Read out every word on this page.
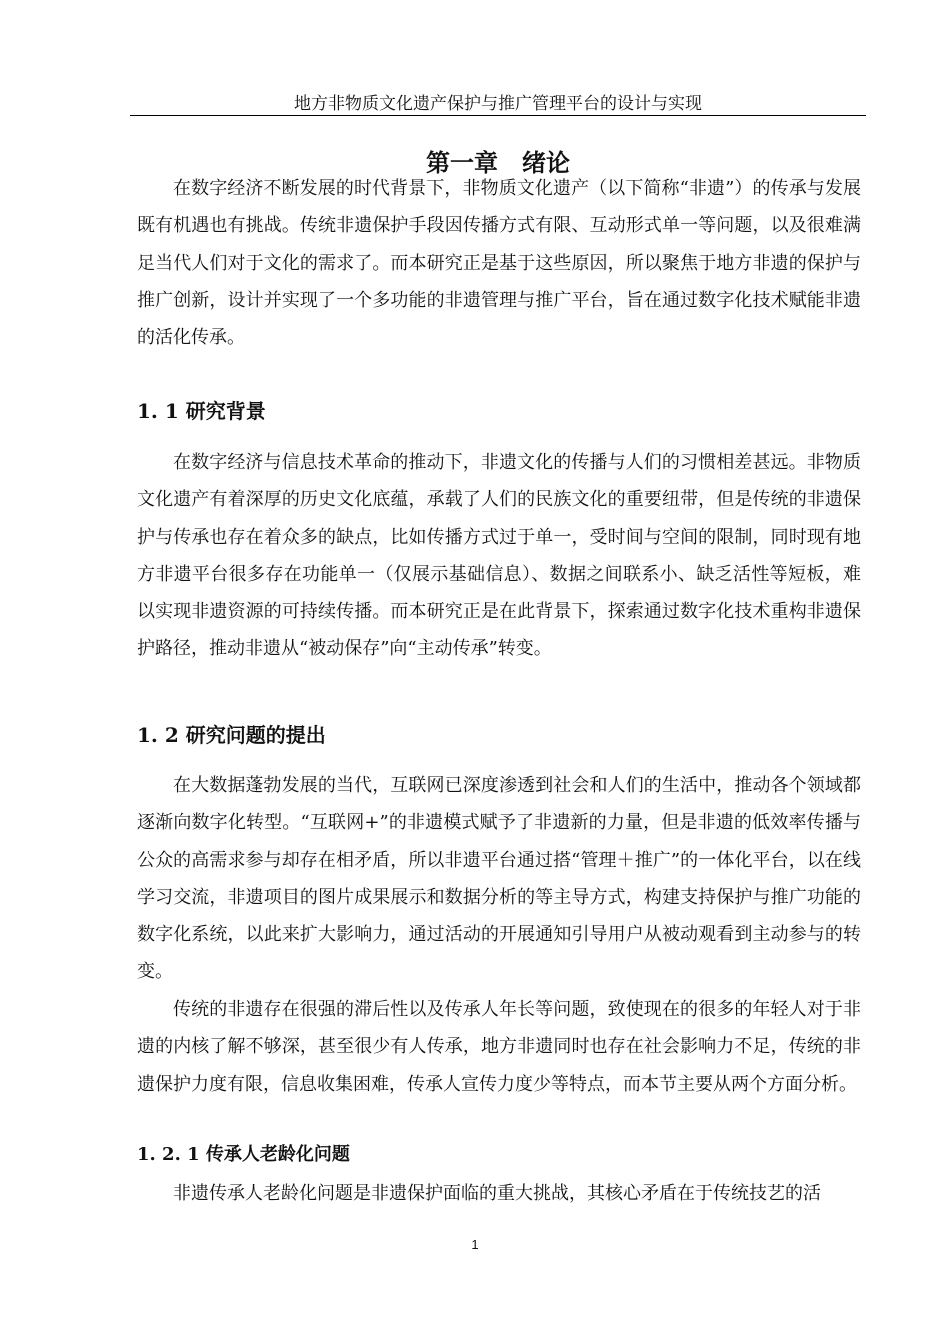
地方非物质文化遗产保护与推广管理平台的设计与实现
第一章　绪论

在数字经济不断发展的时代背景下，非物质文化遗产（以下简称“非遗”）的传承与发展既有机遇也有挑战。传统非遗保护手段因传播方式有限、互动形式单一等问题，以及很难满足当代人们对于文化的需求了。而本研究正是基于这些原因，所以聚焦于地方非遗的保护与推广创新，设计并实现了一个多功能的非遗管理与推广平台，旨在通过数字化技术赋能非遗的活化传承。

1. 1 研究背景

在数字经济与信息技术革命的推动下，非遗文化的传播与人们的习惯相差甚远。非物质文化遗产有着深厚的历史文化底蕴，承载了人们的民族文化的重要纽带，但是传统的非遗保护与传承也存在着众多的缺点，比如传播方式过于单一，受时间与空间的限制，同时现有地方非遗平台很多存在功能单一（仅展示基础信息）、数据之间联系小、缺乏活性等短板，难以实现非遗资源的可持续传播。而本研究正是在此背景下，探索通过数字化技术重构非遗保护路径，推动非遗从“被动保存”向“主动传承”转变。

1. 2 研究问题的提出

在大数据蓬勃发展的当代，互联网已深度渗透到社会和人们的生活中，推动各个领域都逐渐向数字化转型。“互联网+”的非遗模式赋予了非遗新的力量，但是非遗的低效率传播与公众的高需求参与却存在相矛盾，所以非遗平台通过搭“管理＋推广”的一体化平台，以在线学习交流，非遗项目的图片成果展示和数据分析的等主导方式，构建支持保护与推广功能的数字化系统，以此来扩大影响力，通过活动的开展通知引导用户从被动观看到主动参与的转变。

传统的非遗存在很强的滞后性以及传承人年长等问题，致使现在的很多的年轻人对于非遗的内核了解不够深，甚至很少有人传承，地方非遗同时也存在社会影响力不足，传统的非遗保护力度有限，信息收集困难，传承人宣传力度少等特点，而本节主要从两个方面分析。

1. 2. 1 传承人老龄化问题

非遗传承人老龄化问题是非遗保护面临的重大挑战，其核心矛盾在于传统技艺的活

1
